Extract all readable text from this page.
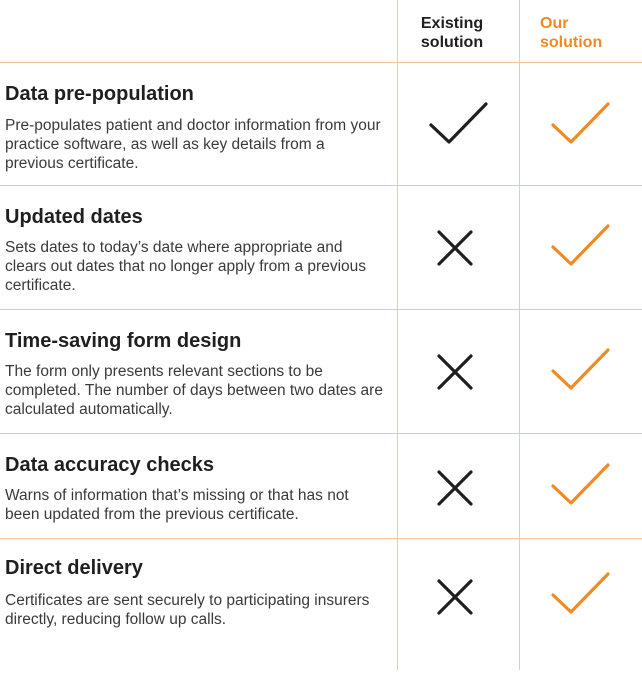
Existing
solution
Our
solution
Data pre-population
Pre-populates patient and doctor information from your practice software, as well as key details from a previous certificate.
Updated dates
Sets dates to today’s date where appropriate and clears out dates that no longer apply from a previous certificate.
Time-saving form design
The form only presents relevant sections to be completed. The number of days between two dates are calculated automatically.
Data accuracy checks
Warns of information that’s missing or that has not been updated from the previous certificate.
Direct delivery
Certificates are sent securely to participating insurers directly, reducing follow up calls.
